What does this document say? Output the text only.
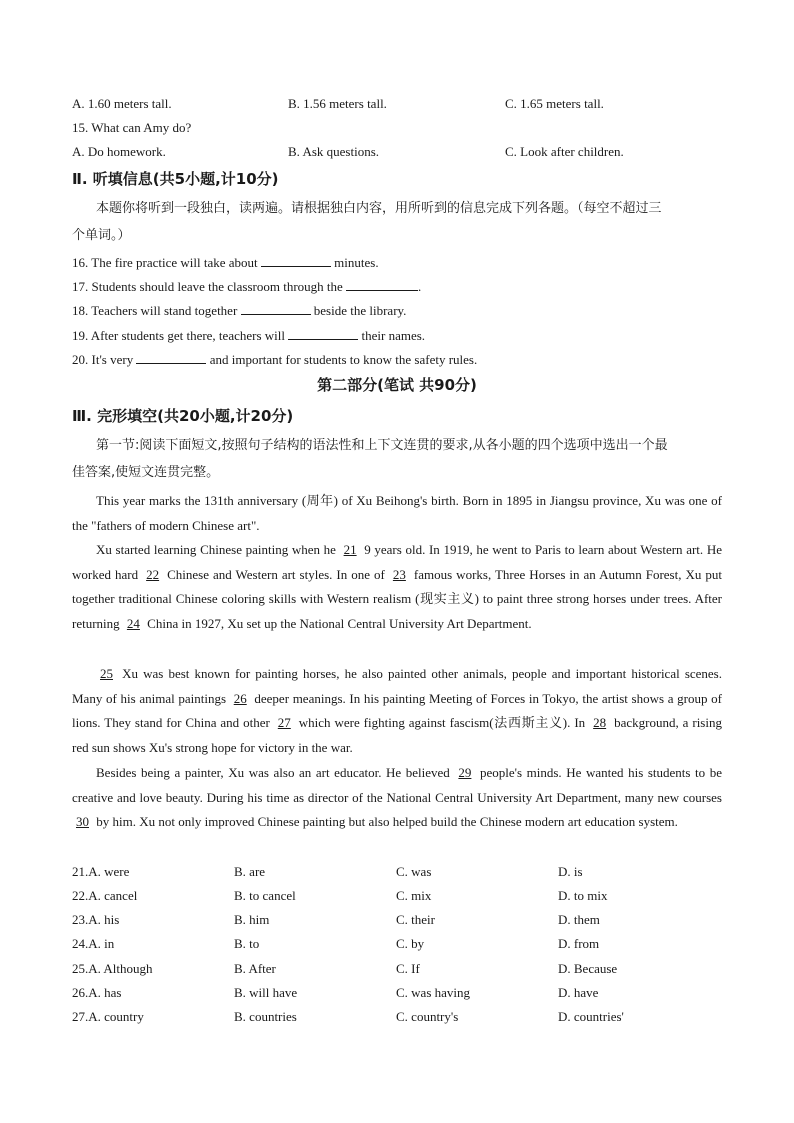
A. 1.60 meters tall.	B. 1.56 meters tall.	C. 1.65 meters tall.
15. What can Amy do?
A. Do homework.	B. Ask questions.	C. Look after children.
Ⅱ. 听填信息(共5小题,计10分)
本题你将听到一段独白，读两遍。请根据独白内容，用所听到的信息完成下列各题。（每空不超过三
个单词。）
16. The fire practice will take about	minutes.
17. Students should leave the classroom through the	.
18. Teachers will stand together	beside the library.
19. After students get there, teachers will	their names.
20. It's very	and important for students to know the safety rules.
第二部分(笔试 共90分)
Ⅲ. 完形填空(共20小题,计20分)
第一节:阅读下面短文,按照句子结构的语法性和上下文连贯的要求,从各小题的四个选项中选出一个最
佳答案,使短文连贯完整。
This year marks the 131th anniversary (周年) of Xu Beihong's birth. Born in 1895 in Jiangsu province, Xu was one of the "fathers of modern Chinese art".
Xu started learning Chinese painting when he 21 9 years old. In 1919, he went to Paris to learn about Western art. He worked hard 22 Chinese and Western art styles. In one of 23 famous works, Three Horses in an Autumn Forest, Xu put together traditional Chinese coloring skills with Western realism (现实主义) to paint three strong horses under trees. After returning 24 China in 1927, Xu set up the National Central University Art Department.
25 Xu was best known for painting horses, he also painted other animals, people and important historical scenes. Many of his animal paintings 26 deeper meanings. In his painting Meeting of Forces in Tokyo, the artist shows a group of lions. They stand for China and other 27 which were fighting against fascism(法西斯主义). In 28 background, a rising red sun shows Xu's strong hope for victory in the war.
Besides being a painter, Xu was also an art educator. He believed 29 people's minds. He wanted his students to be creative and love beauty. During his time as director of the National Central University Art Department, many new courses 30 by him. Xu not only improved Chinese painting but also helped build the Chinese modern art education system.
21.A. were	B. are	C. was	D. is
22.A. cancel	B. to cancel	C. mix	D. to mix
23.A. his	B. him	C. their	D. them
24.A. in	B. to	C. by	D. from
25.A. Although	B. After	C. If	D. Because
26.A. has	B. will have	C. was having	D. have
27.A. country	B. countries	C. country's	D. countries'
